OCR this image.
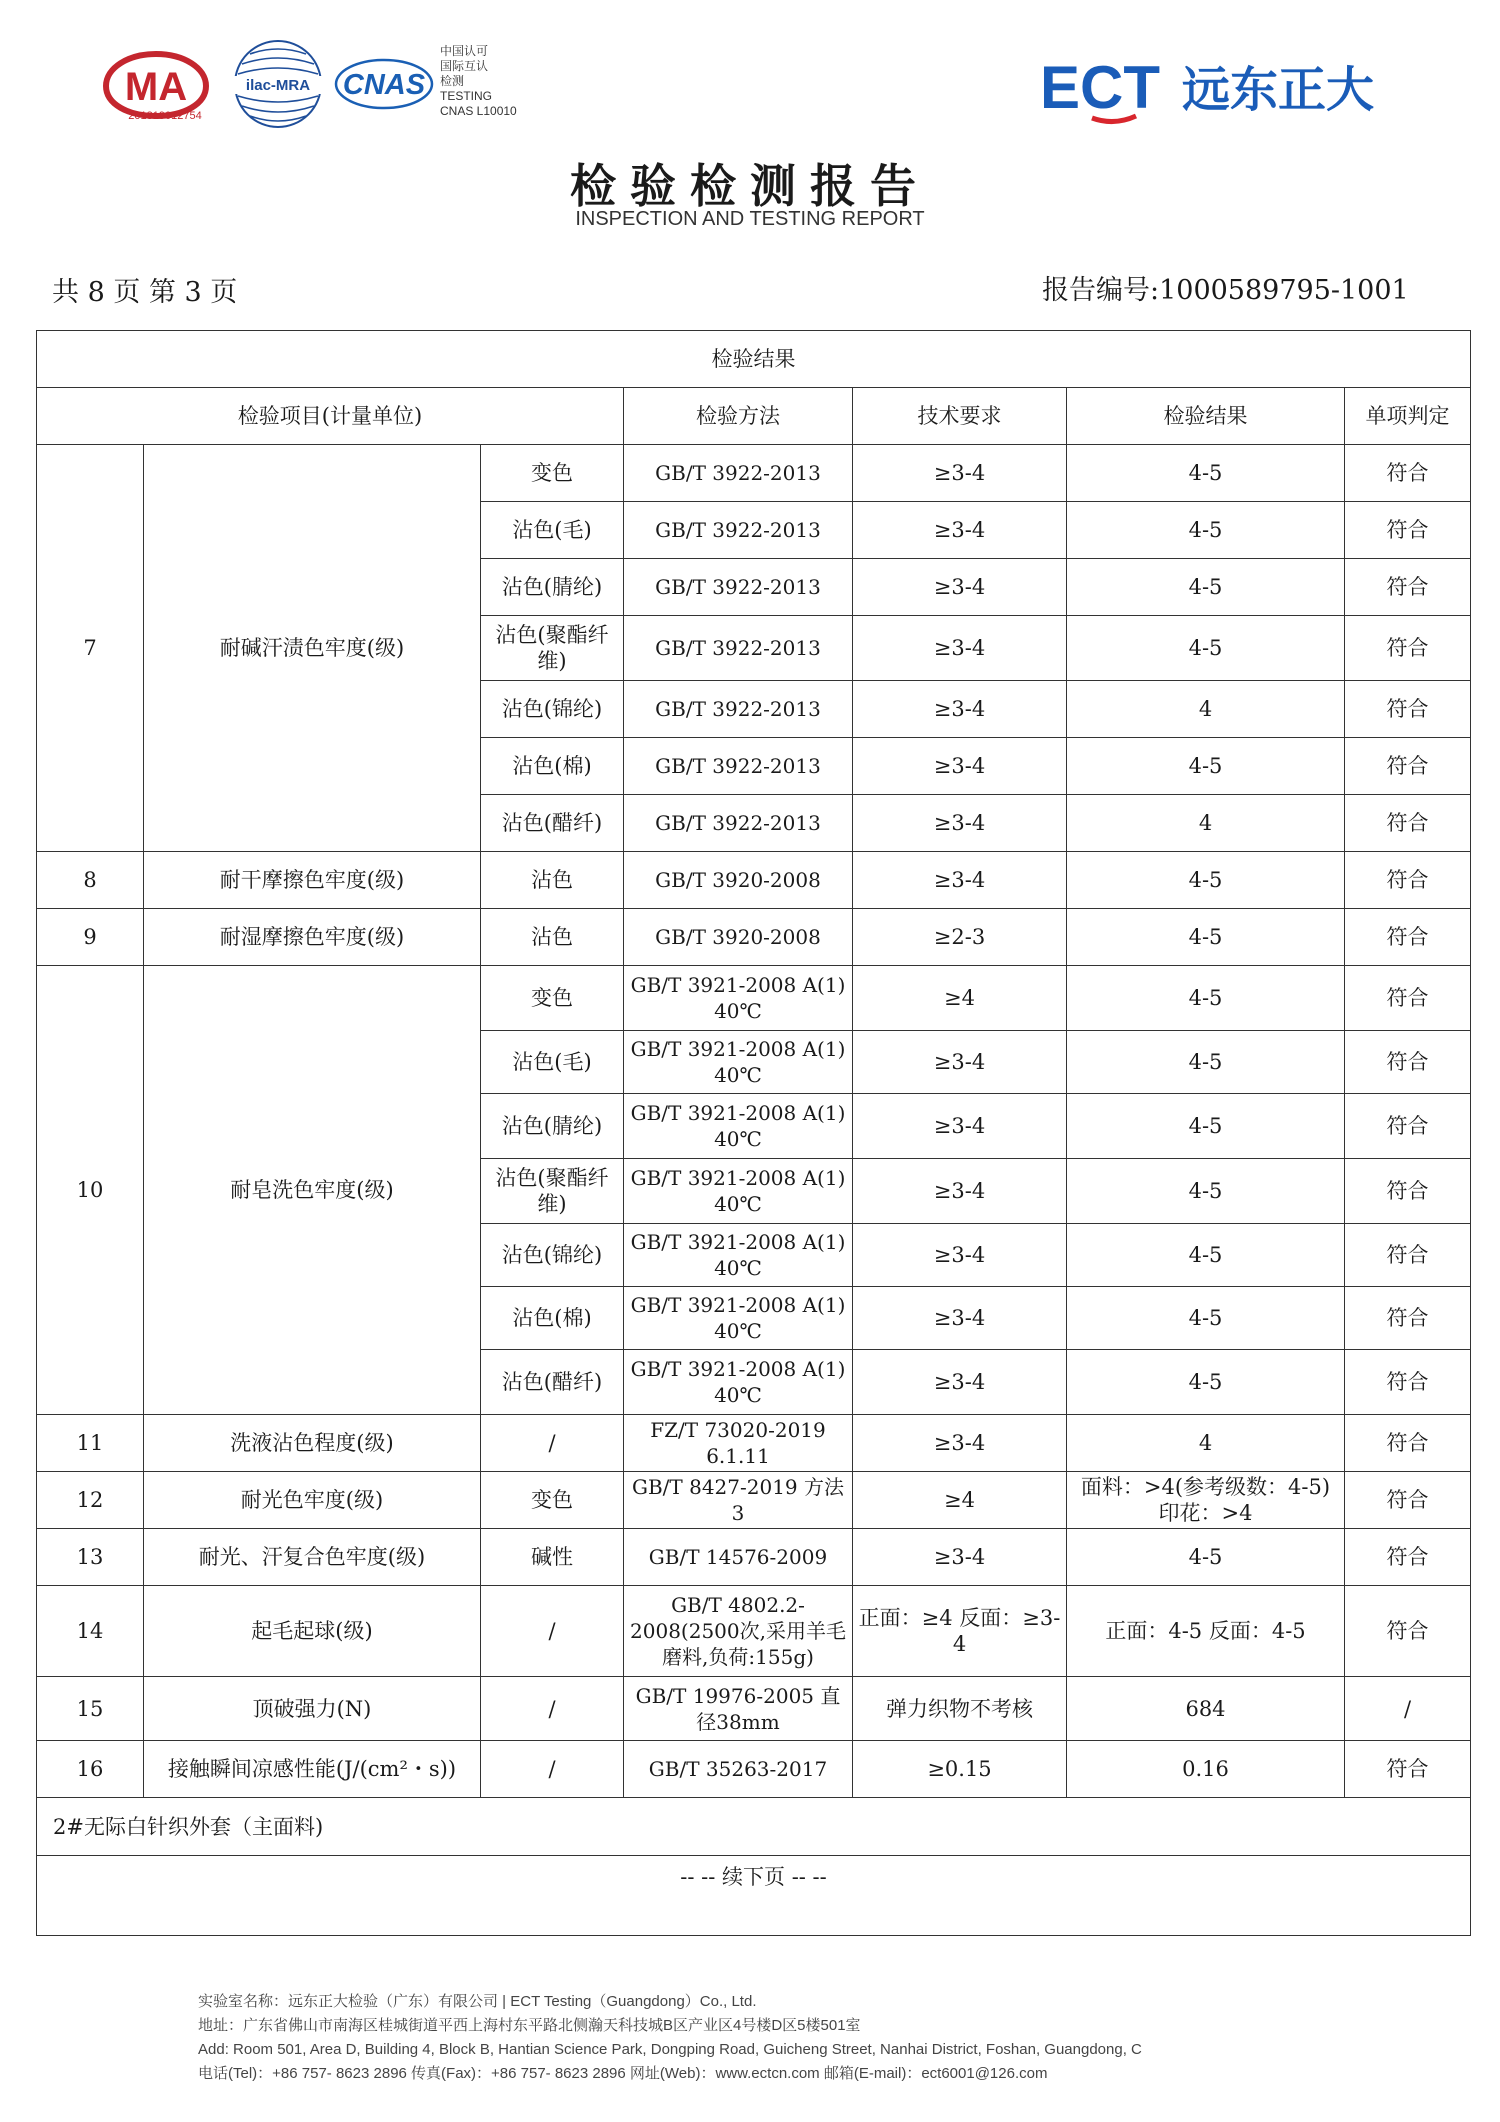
MA
201819012754
ilac-MRA CNAS
中国认可
国际互认
检测
TESTING
CNAS L10010	ECT 远东正大
检验检测报告
INSPECTION AND TESTING REPORT
共 8 页 第 3 页	报告编号:1000589795-1001
检验结果						
检验项目(计量单位)			检验方法	技术要求	检验结果	单项判定
7	耐碱汗渍色牢度(级)	变色	GB/T 3922-2013	≥3-4	4-5	符合
		沾色(毛)	GB/T 3922-2013	≥3-4	4-5	符合
		沾色(腈纶)	GB/T 3922-2013	≥3-4	4-5	符合
		沾色(聚酯纤维)	GB/T 3922-2013	≥3-4	4-5	符合
		沾色(锦纶)	GB/T 3922-2013	≥3-4	4	符合
		沾色(棉)	GB/T 3922-2013	≥3-4	4-5	符合
		沾色(醋纤)	GB/T 3922-2013	≥3-4	4	符合
8	耐干摩擦色牢度(级)	沾色	GB/T 3920-2008	≥3-4	4-5	符合
9	耐湿摩擦色牢度(级)	沾色	GB/T 3920-2008	≥2-3	4-5	符合
10	耐皂洗色牢度(级)	变色	GB/T 3921-2008 A(1) 40℃	≥4	4-5	符合
		沾色(毛)	GB/T 3921-2008 A(1) 40℃	≥3-4	4-5	符合
		沾色(腈纶)	GB/T 3921-2008 A(1) 40℃	≥3-4	4-5	符合
		沾色(聚酯纤维)	GB/T 3921-2008 A(1) 40℃	≥3-4	4-5	符合
		沾色(锦纶)	GB/T 3921-2008 A(1) 40℃	≥3-4	4-5	符合
		沾色(棉)	GB/T 3921-2008 A(1) 40℃	≥3-4	4-5	符合
		沾色(醋纤)	GB/T 3921-2008 A(1) 40℃	≥3-4	4-5	符合
11	洗液沾色程度(级)	/	FZ/T 73020-2019 6.1.11	≥3-4	4	符合
12	耐光色牢度(级)	变色	GB/T 8427-2019 方法3	≥4	面料：>4(参考级数：4-5) 印花：>4	符合
13	耐光、汗复合色牢度(级)	碱性	GB/T 14576-2009	≥3-4	4-5	符合
14	起毛起球(级)	/	GB/T 4802.2-2008(2500次,采用羊毛磨料,负荷:155g)	正面：≥4 反面：≥3-4	正面：4-5 反面：4-5	符合
15	顶破强力(N)	/	GB/T 19976-2005 直径38mm	弹力织物不考核	684	/
16	接触瞬间凉感性能(J/(cm²・s))	/	GB/T 35263-2017	≥0.15	0.16	符合
2#无际白针织外套（主面料)						
-- -- 续下页 -- --						
实验室名称：远东正大检验（广东）有限公司 | ECT Testing（Guangdong）Co., Ltd.
地址：广东省佛山市南海区桂城街道平西上海村东平路北侧瀚天科技城B区产业区4号楼D区5楼501室
Add: Room 501, Area D, Building 4, Block B, Hantian Science Park, Dongping Road, Guicheng Street, Nanhai District, Foshan, Guangdong, C
电话(Tel)：+86 757- 8623 2896 传真(Fax)：+86 757- 8623 2896 网址(Web)：www.ectcn.com 邮箱(E-mail)：ect6001@126.com
